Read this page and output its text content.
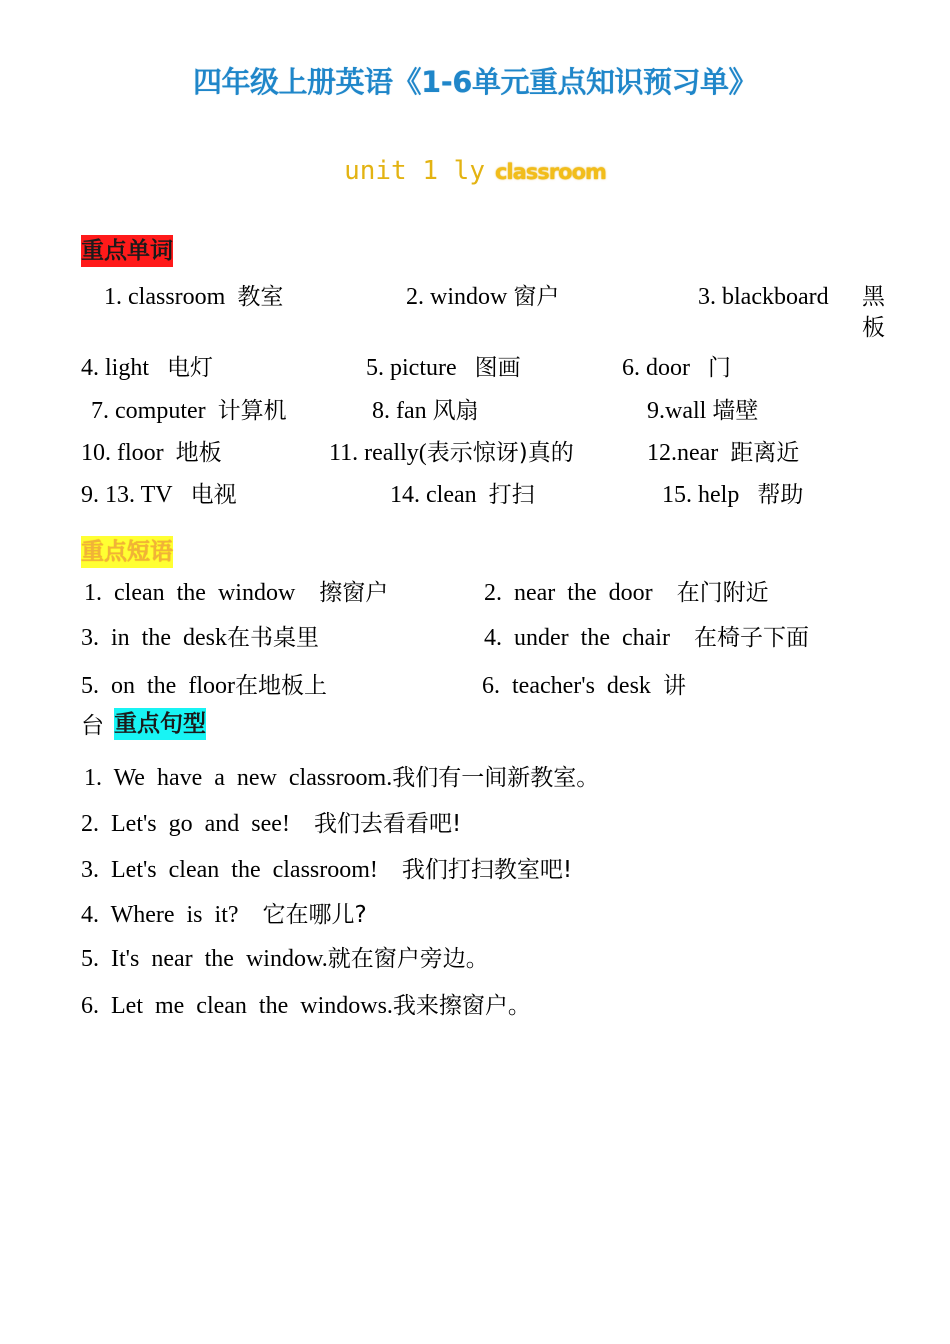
四年级上册英语《1-6单元重点知识预习单》
unit 1 ly classroom
重点单词
1. classroom 教室	2. window 窗户	3. blackboard 黑
板
4. light 电灯	5. picture 图画	6. door 门
7. computer 计算机	8. fan 风扇	9.wall 墙壁
10. floor 地板	11. really(表示惊讶)真的	12.near 距离近
9. 13. TV 电视	14. clean 打扫	15. help 帮助
重点短语
1. clean the window 擦窗户	2. near the door 在门附近
3. in the desk在书桌里	4. under the chair 在椅子下面
5. on the floor在地板上	6. teacher's desk 讲
台 重点句型
1. We have a new classroom.我们有一间新教室。
2. Let's go and see! 我们去看看吧!
3. Let's clean the classroom! 我们打扫教室吧!
4. Where is it? 它在哪儿?
5. It's near the window.就在窗户旁边。
6. Let me clean the windows.我来擦窗户。
